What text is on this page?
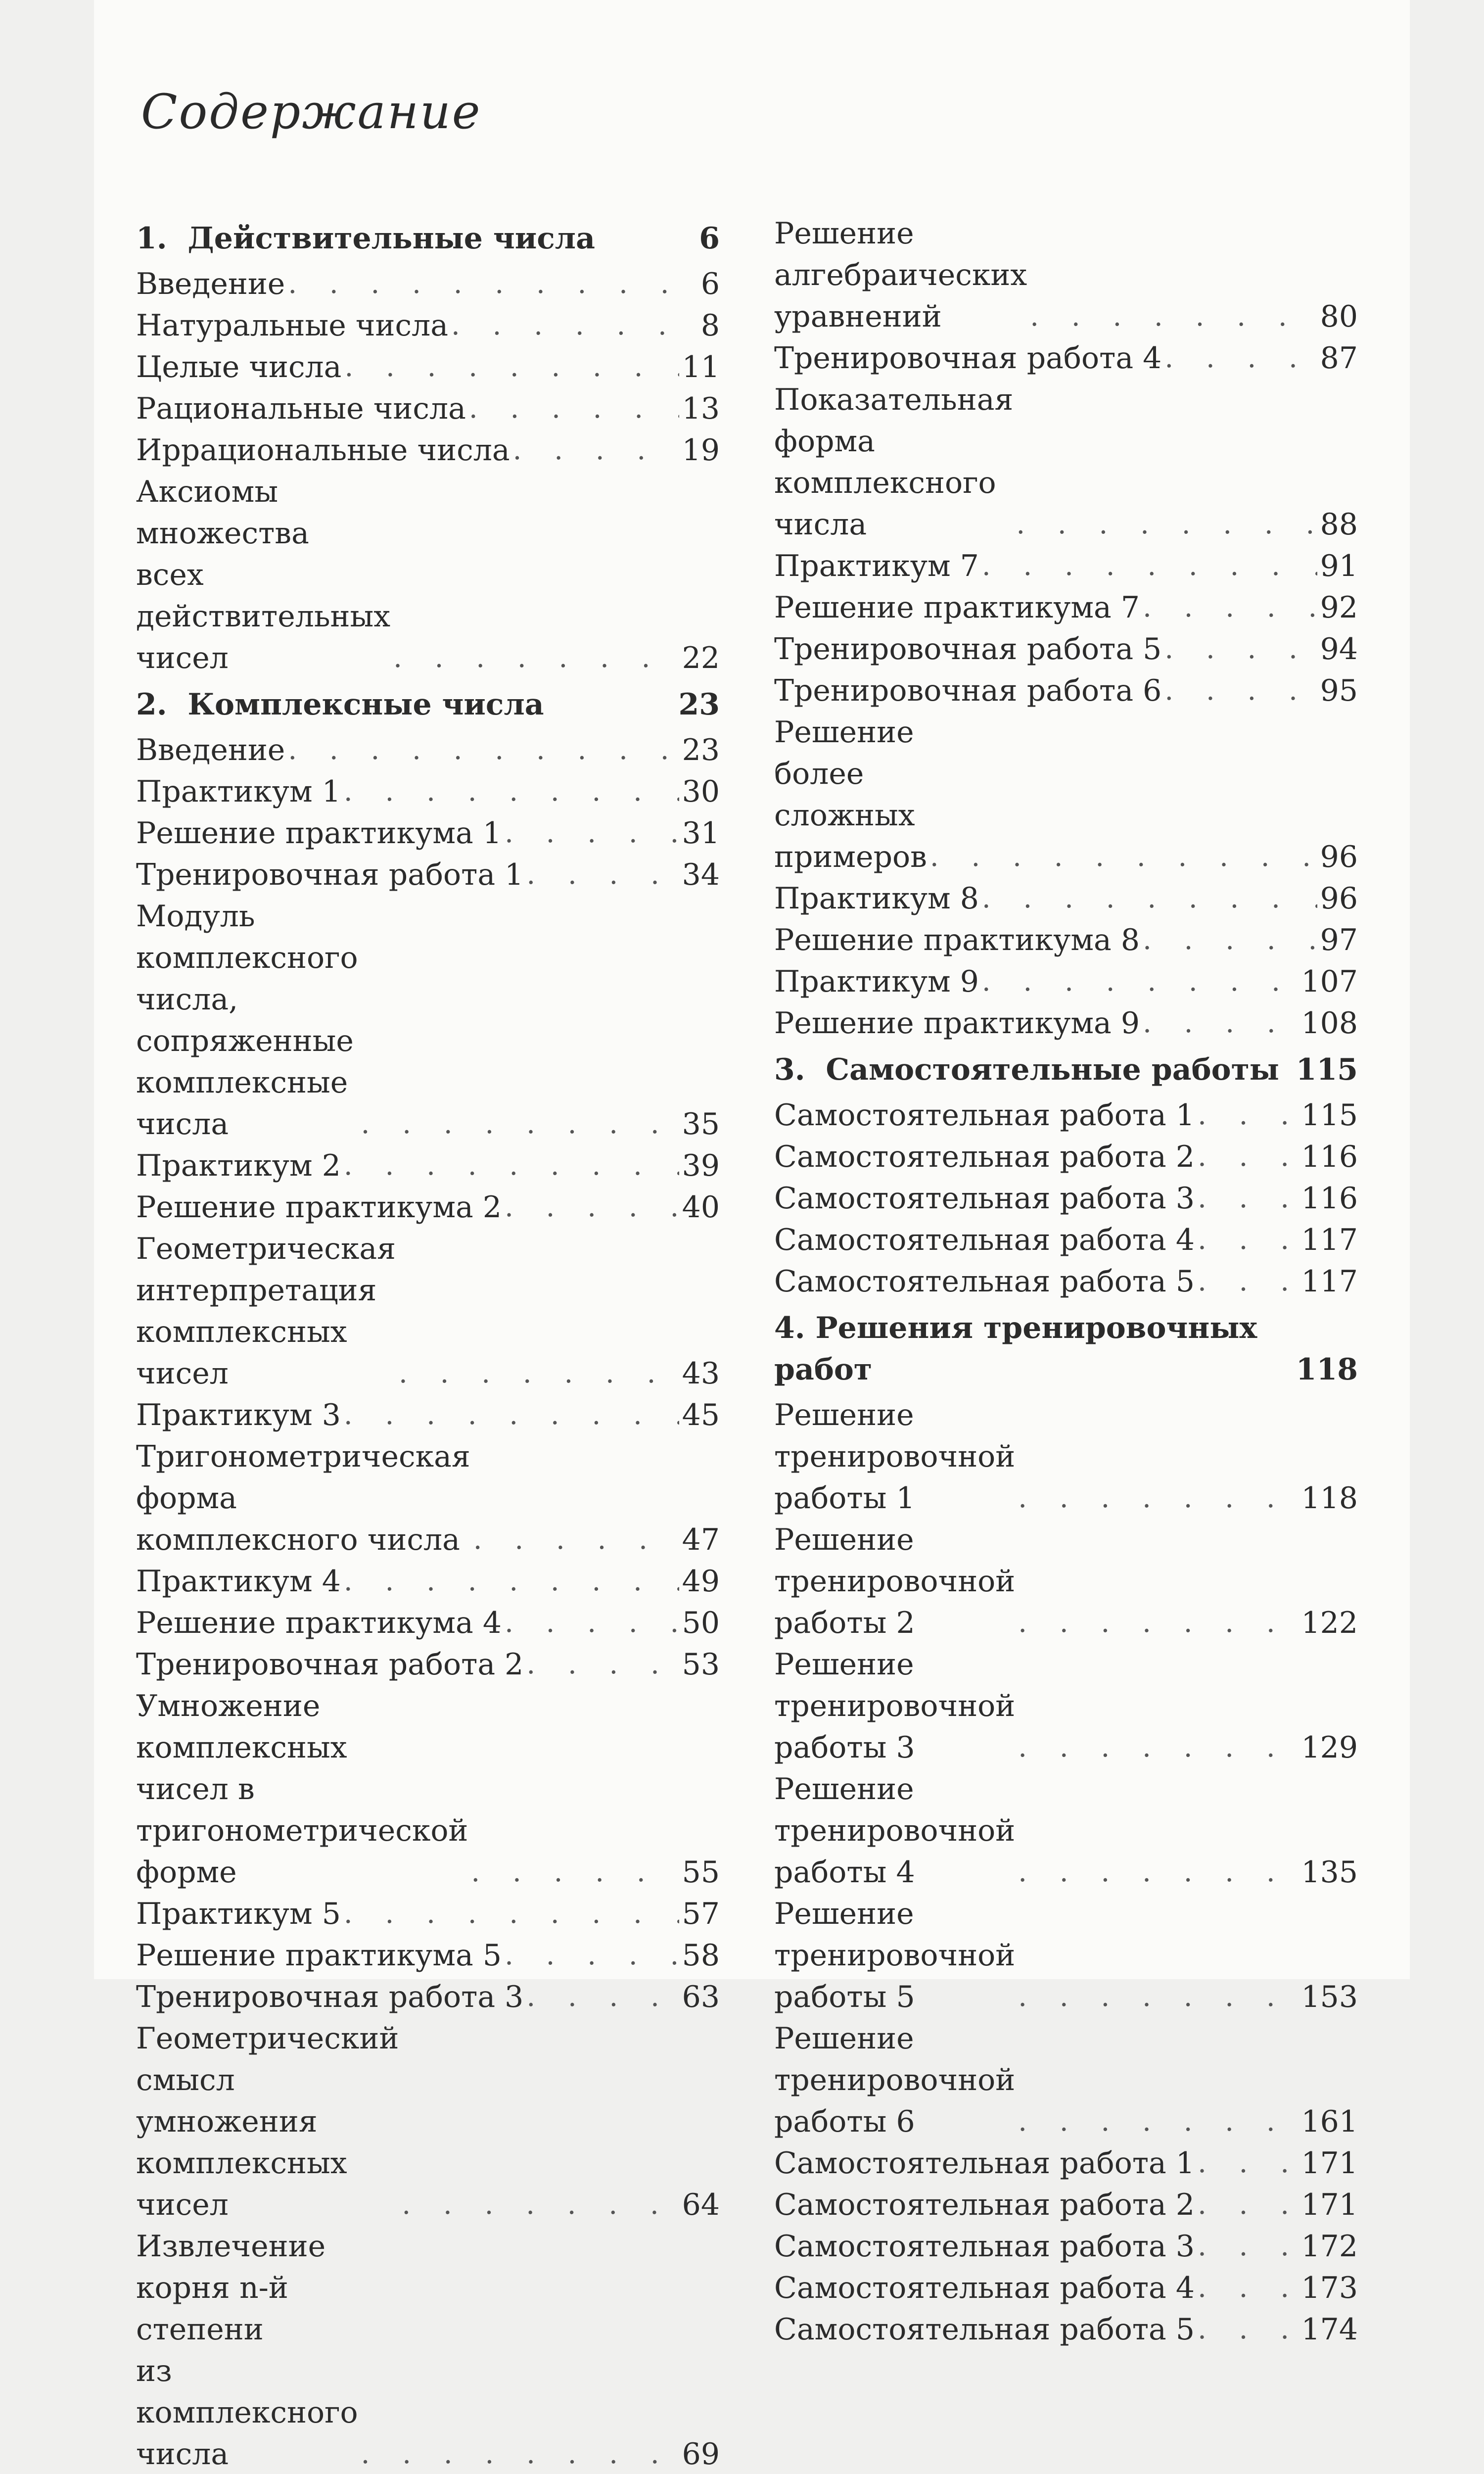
Содержание
1.  Действительные числа	6
Введение . . .	6
Натуральные числа . . .	8
Целые числа . . .	11
Рациональные числа . . .	13
Иррациональные числа . . .	19
Аксиомы множества
всех действительных чисел . . .	22
2.  Комплексные числа	23
Введение . . .	23
Практикум 1 . . .	30
Решение практикума 1 . . .	31
Тренировочная работа 1 . . .	34
Модуль комплексного числа,
сопряженные комплексные
числа . . .	35
Практикум 2 . . .	39
Решение практикума 2 . . .	40
Геометрическая интерпретация
комплексных чисел . . .	43
Практикум 3 . . .	45
Тригонометрическая форма
комплексного числа . . .	47
Практикум 4 . . .	49
Решение практикума 4 . . .	50
Тренировочная работа 2 . . .	53
Умножение комплексных
чисел в тригонометрической
форме . . .	55
Практикум 5 . . .	57
Решение практикума 5 . . .	58
Тренировочная работа 3 . . .	63
Геометрический смысл
умножения комплексных
чисел . . .	64
Извлечение корня n-й степени
из комплексного числа . . .	69
Решение алгебраических
уравнений . . .	80
Тренировочная работа 4 . . .	87
Показательная форма
комплексного числа . . .	88
Практикум 7 . . .	91
Решение практикума 7 . . .	92
Тренировочная работа 5 . . .	94
Тренировочная работа 6 . . .	95
Решение более сложных
примеров . . .	96
Практикум 8 . . .	96
Решение практикума 8 . . .	97
Практикум 9 . . .	107
Решение практикума 9 . . .	108
3.  Самостоятельные работы 115
Самостоятельная работа 1 . . .	115
Самостоятельная работа 2 . . .	116
Самостоятельная работа 3 . . .	116
Самостоятельная работа 4 . . .	117
Самостоятельная работа 5 . . .	117
4. Решения тренировочных
работ	118
Решение тренировочной
работы 1 . . .	118
Решение тренировочной
работы 2 . . .	122
Решение тренировочной
работы 3 . . .	129
Решение тренировочной
работы 4 . . .	135
Решение тренировочной
работы 5 . . .	153
Решение тренировочной
работы 6 . . .	161
Самостоятельная работа 1 . . .	171
Самостоятельная работа 2 . . .	171
Самостоятельная работа 3 . . .	172
Самостоятельная работа 4 . . .	173
Самостоятельная работа 5 . . .	174
